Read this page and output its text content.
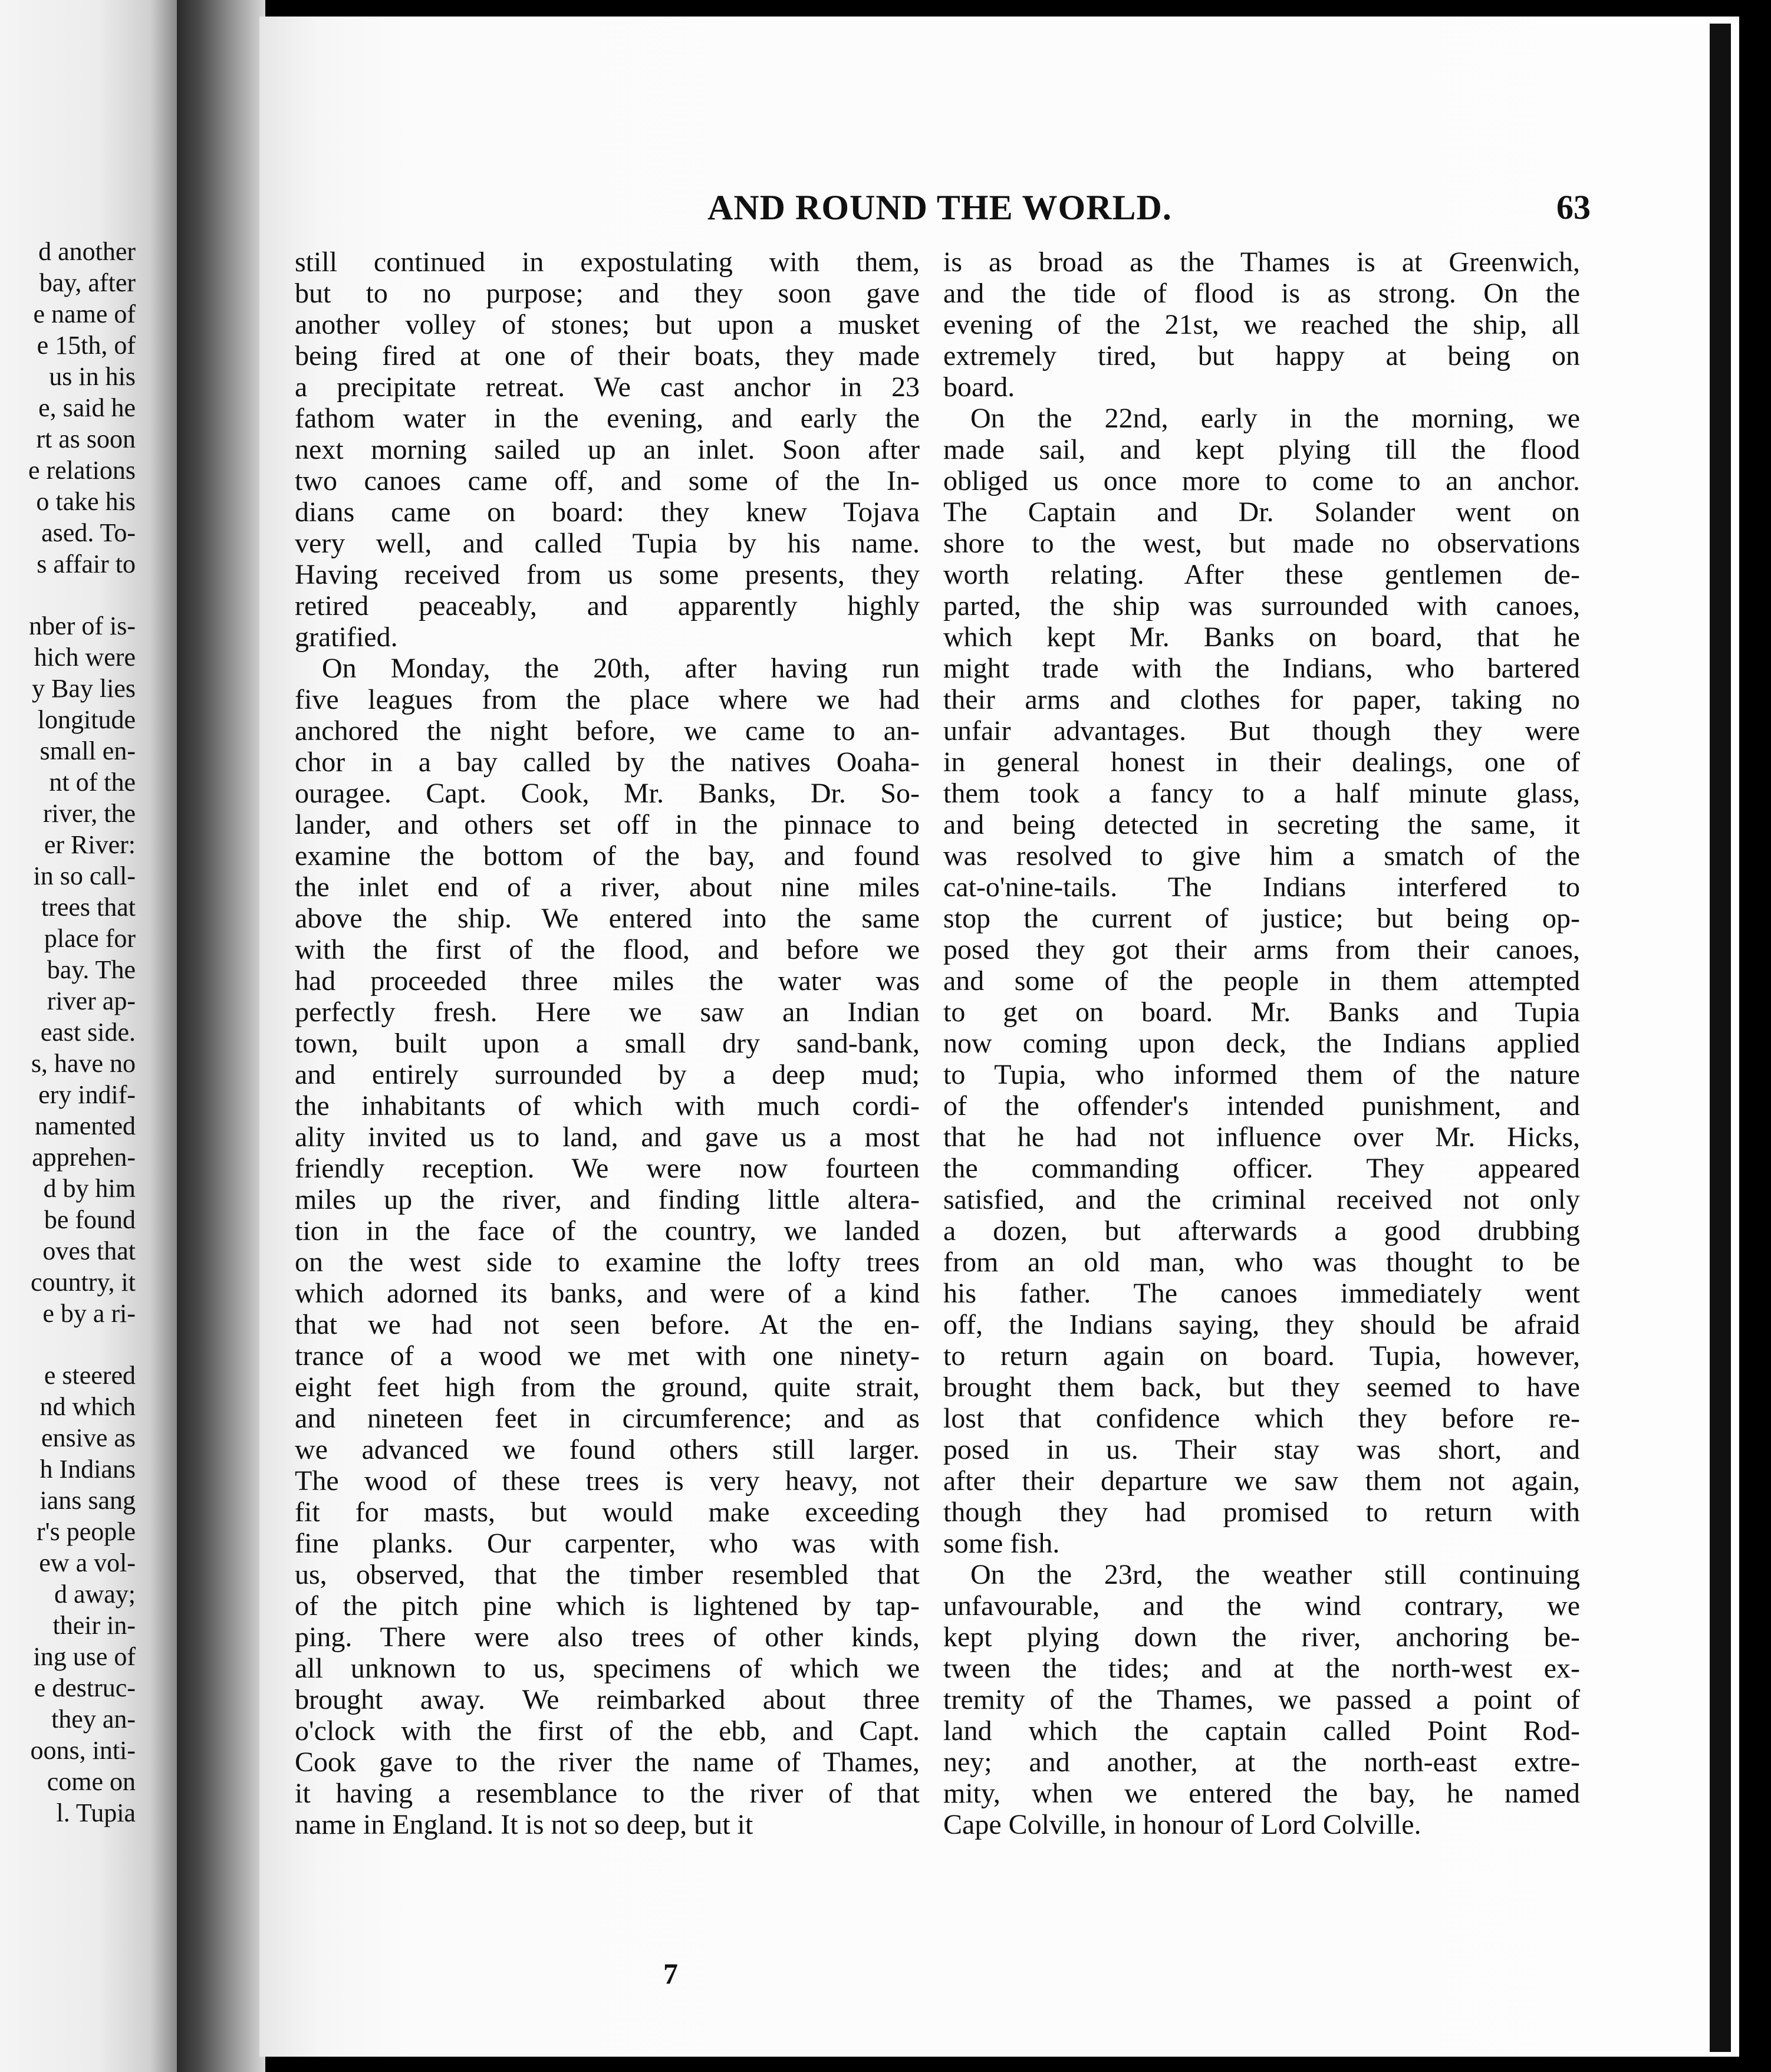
d another
bay, after
e name of
e 15th, of
us in his
e, said he
rt as soon
e relations
o take his
ased. To-
s affair to
nber of is-
hich were
y Bay lies
longitude
small en-
nt of the
river, the
er River:
in so call-
trees that
place for
bay. The
river ap-
east side.
s, have no
ery indif-
namented
apprehen-
d by him
be found
oves that
country, it
e by a ri-
e steered
nd which
ensive as
h Indians
ians sang
r's people
ew a vol-
d away;
their in-
ing use of
e destruc-
they an-
oons, inti-
come on
l. Tupia
AND ROUND THE WORLD.	63
still continued in expostulating with them,
but to no purpose; and they soon gave
another volley of stones; but upon a musket
being fired at one of their boats, they made
a precipitate retreat. We cast anchor in 23
fathom water in the evening, and early the
next morning sailed up an inlet. Soon after
two canoes came off, and some of the In-
dians came on board: they knew Tojava
very well, and called Tupia by his name.
Having received from us some presents, they
retired peaceably, and apparently highly
gratified.
On Monday, the 20th, after having run
five leagues from the place where we had
anchored the night before, we came to an-
chor in a bay called by the natives Ooaha-
ouragee. Capt. Cook, Mr. Banks, Dr. So-
lander, and others set off in the pinnace to
examine the bottom of the bay, and found
the inlet end of a river, about nine miles
above the ship. We entered into the same
with the first of the flood, and before we
had proceeded three miles the water was
perfectly fresh. Here we saw an Indian
town, built upon a small dry sand-bank,
and entirely surrounded by a deep mud;
the inhabitants of which with much cordi-
ality invited us to land, and gave us a most
friendly reception. We were now fourteen
miles up the river, and finding little altera-
tion in the face of the country, we landed
on the west side to examine the lofty trees
which adorned its banks, and were of a kind
that we had not seen before. At the en-
trance of a wood we met with one ninety-
eight feet high from the ground, quite strait,
and nineteen feet in circumference; and as
we advanced we found others still larger.
The wood of these trees is very heavy, not
fit for masts, but would make exceeding
fine planks. Our carpenter, who was with
us, observed, that the timber resembled that
of the pitch pine which is lightened by tap-
ping. There were also trees of other kinds,
all unknown to us, specimens of which we
brought away. We reimbarked about three
o'clock with the first of the ebb, and Capt.
Cook gave to the river the name of Thames,
it having a resemblance to the river of that
name in England. It is not so deep, but it
is as broad as the Thames is at Greenwich,
and the tide of flood is as strong. On the
evening of the 21st, we reached the ship, all
extremely tired, but happy at being on
board.
On the 22nd, early in the morning, we
made sail, and kept plying till the flood
obliged us once more to come to an anchor.
The Captain and Dr. Solander went on
shore to the west, but made no observations
worth relating. After these gentlemen de-
parted, the ship was surrounded with canoes,
which kept Mr. Banks on board, that he
might trade with the Indians, who bartered
their arms and clothes for paper, taking no
unfair advantages. But though they were
in general honest in their dealings, one of
them took a fancy to a half minute glass,
and being detected in secreting the same, it
was resolved to give him a smatch of the
cat-o'nine-tails. The Indians interfered to
stop the current of justice; but being op-
posed they got their arms from their canoes,
and some of the people in them attempted
to get on board. Mr. Banks and Tupia
now coming upon deck, the Indians applied
to Tupia, who informed them of the nature
of the offender's intended punishment, and
that he had not influence over Mr. Hicks,
the commanding officer. They appeared
satisfied, and the criminal received not only
a dozen, but afterwards a good drubbing
from an old man, who was thought to be
his father. The canoes immediately went
off, the Indians saying, they should be afraid
to return again on board. Tupia, however,
brought them back, but they seemed to have
lost that confidence which they before re-
posed in us. Their stay was short, and
after their departure we saw them not again,
though they had promised to return with
some fish.
On the 23rd, the weather still continuing
unfavourable, and the wind contrary, we
kept plying down the river, anchoring be-
tween the tides; and at the north-west ex-
tremity of the Thames, we passed a point of
land which the captain called Point Rod-
ney; and another, at the north-east extre-
mity, when we entered the bay, he named
Cape Colville, in honour of Lord Colville.
7
